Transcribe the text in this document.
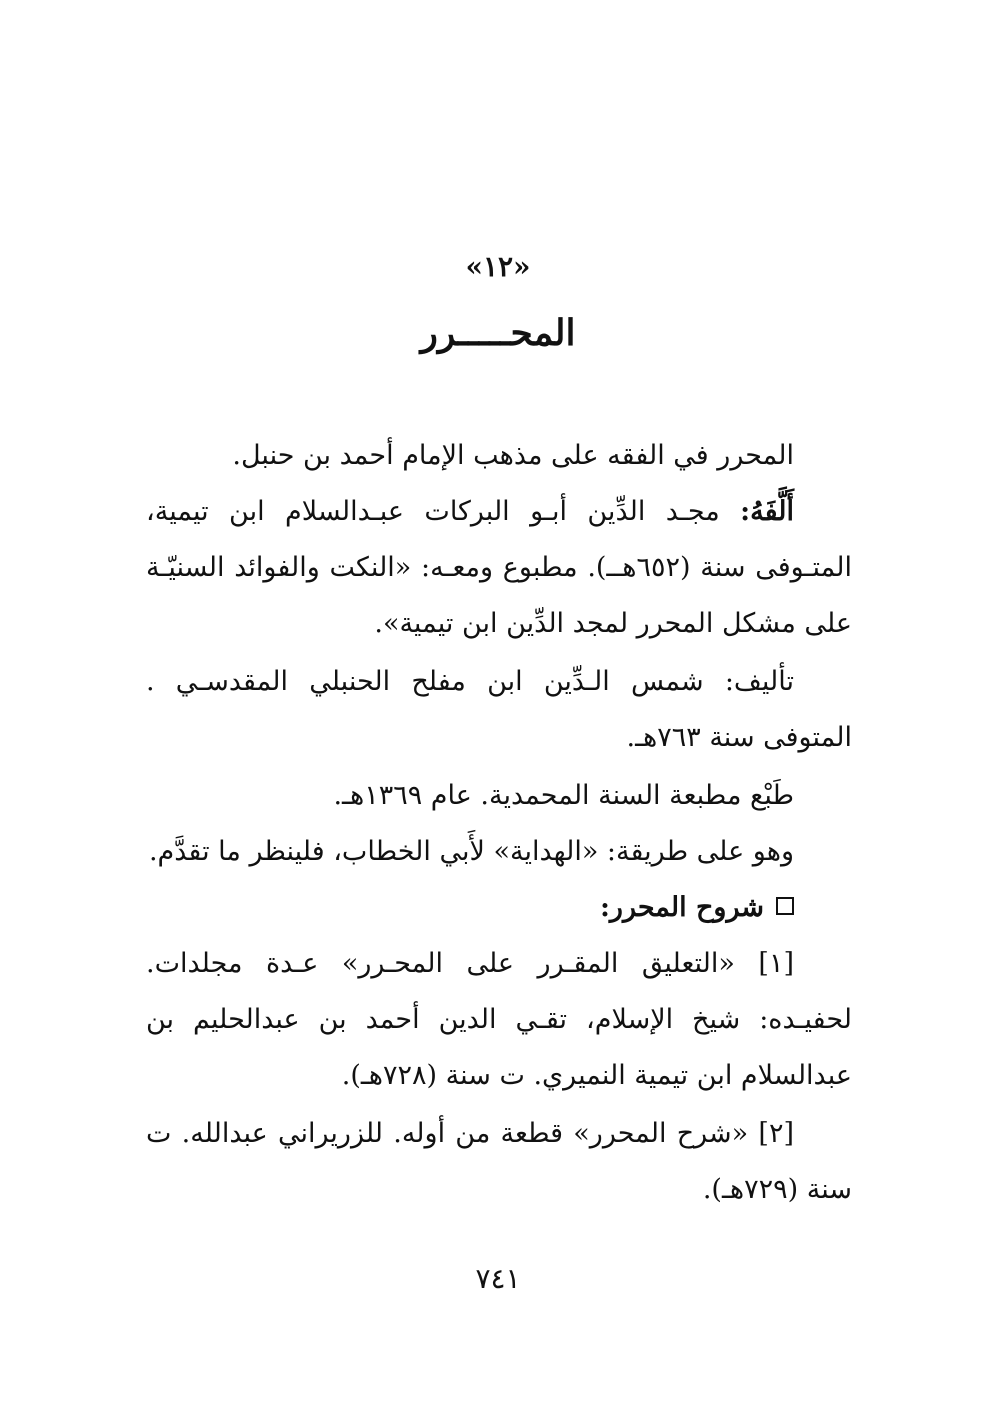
«١٢»
المحـــــرر

المحرر في الفقه على مذهب الإمام أحمد بن حنبل.

أَلَّفَهُ: مجـد الدِّين أبـو البركات عبـدالسلام ابن تيمية، المتـوفى سنة (٦٥٢هــ). مطبوع ومعـه: «النكت والفوائد السنيّـة على مشكل المحرر لمجد الدِّين ابن تيمية».

تأليف: شمس الـدِّين ابن مفلح الحنبلي المقدسـي . المتوفى سنة ٧٦٣هـ.

طَبْع مطبعة السنة المحمدية. عام ١٣٦٩هـ.

وهو على طريقة: «الهداية» لأَبي الخطاب، فلينظر ما تقدَّم.

شروح المحرر:

[١] «التعليق المقـرر على المحـرر» عـدة مجلدات. لحفيـده: شيخ الإسلام، تقـي الدين أحمد بن عبدالحليم بن عبدالسلام ابن تيمية النميري. ت سنة (٧٢٨هـ).

[٢] «شرح المحرر» قطعة من أوله. للزريراني عبدالله. ت سنة (٧٢٩هـ).

٧٤١
